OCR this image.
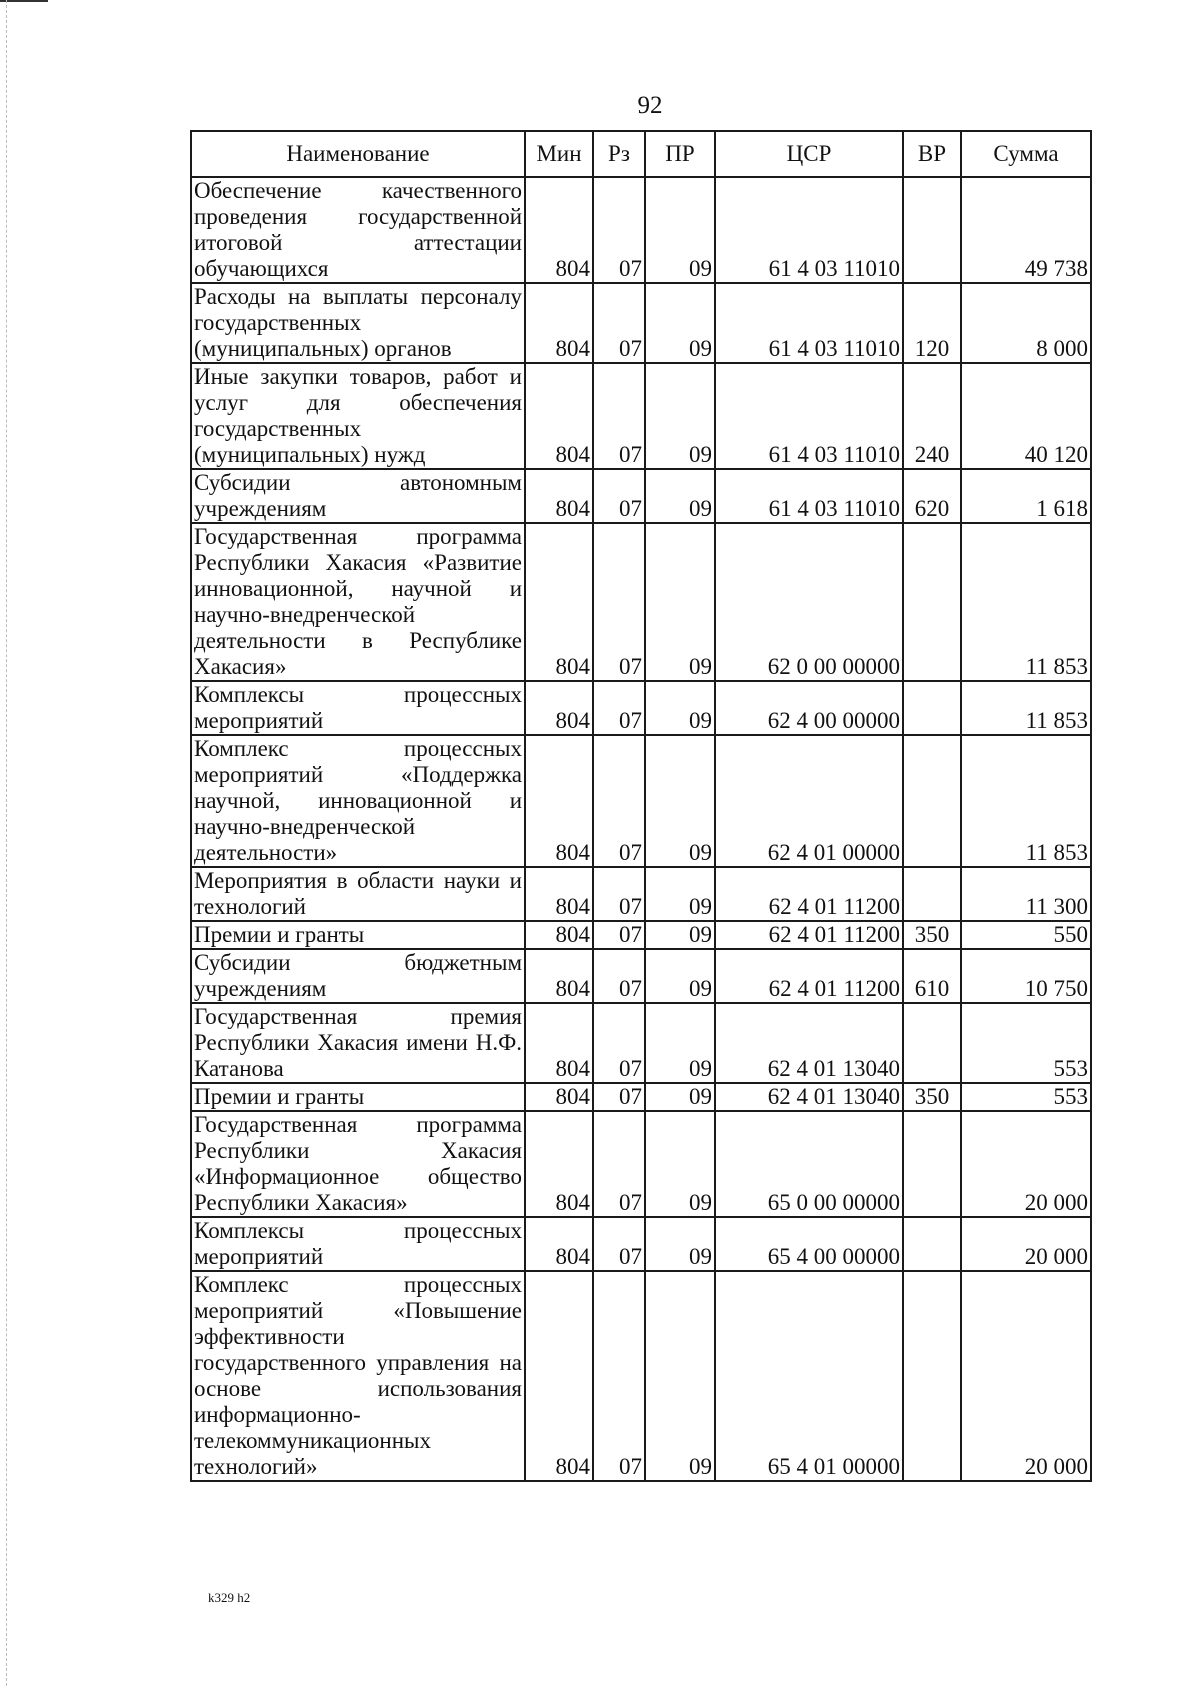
92
Наименование	Мин	Рз	ПР	ЦСР	ВР	Сумма
Обеспечение качественного проведения государственной итоговой аттестации обучающихся	804	07	09	61 4 03 11010		49 738
Расходы на выплаты персоналу государственных (муниципальных) органов	804	07	09	61 4 03 11010	120	8 000
Иные закупки товаров, работ и услуг для обеспечения государственных (муниципальных) нужд	804	07	09	61 4 03 11010	240	40 120
Субсидии автономным учреждениям	804	07	09	61 4 03 11010	620	1 618
Государственная программа Республики Хакасия «Развитие инновационной, научной и научно-внедренческой деятельности в Республике Хакасия»	804	07	09	62 0 00 00000		11 853
Комплексы процессных мероприятий	804	07	09	62 4 00 00000		11 853
Комплекс процессных мероприятий «Поддержка научной, инновационной и научно-внедренческой деятельности»	804	07	09	62 4 01 00000		11 853
Мероприятия в области науки и технологий	804	07	09	62 4 01 11200		11 300
Премии и гранты	804	07	09	62 4 01 11200	350	550
Субсидии бюджетным учреждениям	804	07	09	62 4 01 11200	610	10 750
Государственная премия Республики Хакасия имени Н.Ф. Катанова	804	07	09	62 4 01 13040		553
Премии и гранты	804	07	09	62 4 01 13040	350	553
Государственная программа Республики Хакасия «Информационное общество Республики Хакасия»	804	07	09	65 0 00 00000		20 000
Комплексы процессных мероприятий	804	07	09	65 4 00 00000		20 000
Комплекс процессных мероприятий «Повышение эффективности государственного управления на основе использования информационно-телекоммуникационных технологий»	804	07	09	65 4 01 00000		20 000
k329 h2
